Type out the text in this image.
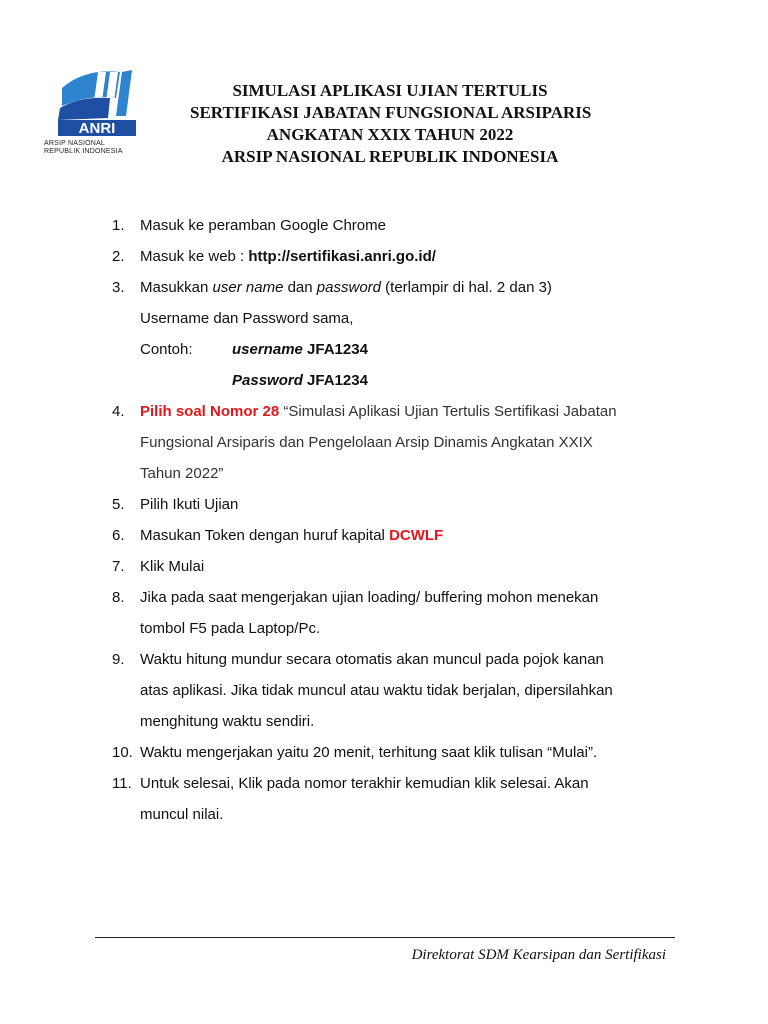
ANRI
ARSIP NASIONAL
REPUBLIK INDONESIA
SIMULASI APLIKASI UJIAN TERTULIS
SERTIFIKASI JABATAN FUNGSIONAL ARSIPARIS
ANGKATAN XXIX TAHUN 2022
ARSIP NASIONAL REPUBLIK INDONESIA
1.	Masuk ke peramban Google Chrome
2.	Masuk ke web : http://sertifikasi.anri.go.id/
3.	Masukkan user name dan password (terlampir di hal. 2 dan 3)
Username dan Password sama,
Contoh:	username JFA1234
Password JFA1234
4.	Pilih soal Nomor 28 “Simulasi Aplikasi Ujian Tertulis Sertifikasi Jabatan
Fungsional Arsiparis dan Pengelolaan Arsip Dinamis Angkatan XXIX
Tahun 2022”
5.	Pilih Ikuti Ujian
6.	Masukan Token dengan huruf kapital DCWLF
7.	Klik Mulai
8.	Jika pada saat mengerjakan ujian loading/ buffering mohon menekan
tombol F5 pada Laptop/Pc.
9.	Waktu hitung mundur secara otomatis akan muncul pada pojok kanan
atas aplikasi. Jika tidak muncul atau waktu tidak berjalan, dipersilahkan
menghitung waktu sendiri.
10. Waktu mengerjakan yaitu 20 menit, terhitung saat klik tulisan “Mulai”.
11. Untuk selesai, Klik pada nomor terakhir kemudian klik selesai. Akan
muncul nilai.
Direktorat SDM Kearsipan dan Sertifikasi
